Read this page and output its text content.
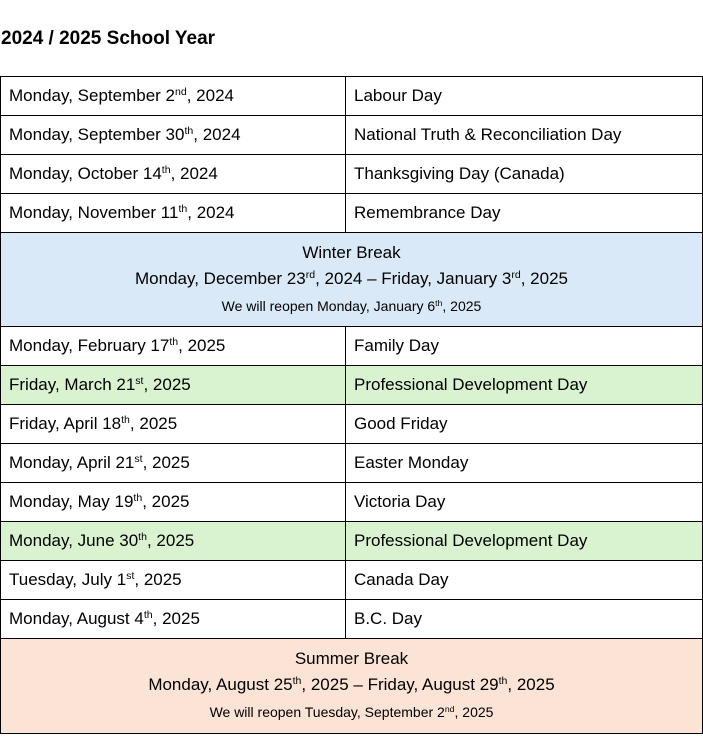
2024 / 2025 School Year
Monday, September 2nd, 2024	Labour Day
Monday, September 30th, 2024	National Truth & Reconciliation Day
Monday, October 14th, 2024	Thanksgiving Day (Canada)
Monday, November 11th, 2024	Remembrance Day

Winter Break
Monday, December 23rd, 2024 – Friday, January 3rd, 2025
We will reopen Monday, January 6th, 2025	

Monday, February 17th, 2025	Family Day
Friday, March 21st, 2025	Professional Development Day
Friday, April 18th, 2025	Good Friday
Monday, April 21st, 2025	Easter Monday
Monday, May 19th, 2025	Victoria Day
Monday, June 30th, 2025	Professional Development Day
Tuesday, July 1st, 2025	Canada Day
Monday, August 4th, 2025	B.C. Day

Summer Break
Monday, August 25th, 2025 – Friday, August 29th, 2025
We will reopen Tuesday, September 2nd, 2025	
